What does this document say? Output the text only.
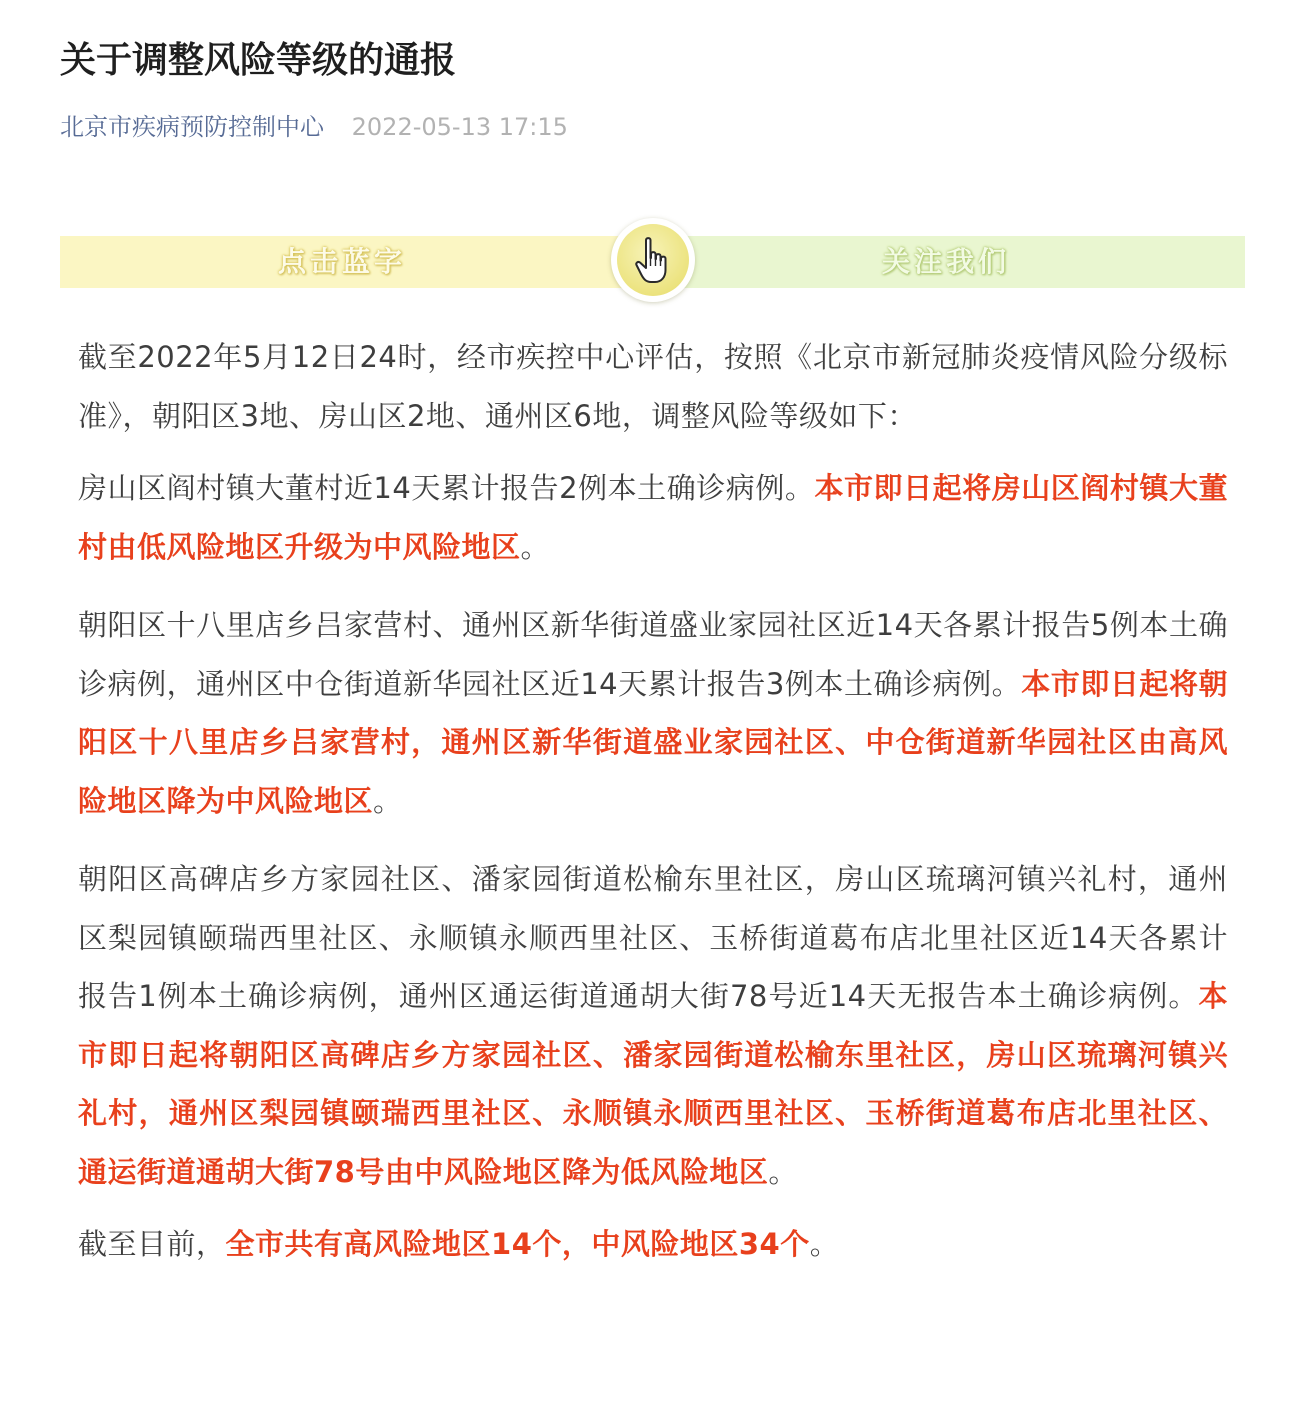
关于调整风险等级的通报
北京市疾病预防控制中心 2022-05-13 17:15
点击蓝字	关注我们

截至2022年5月12日24时，经市疾控中心评估，按照《北京市新冠肺炎疫情风险分级标准》，朝阳区3地、房山区2地、通州区6地，调整风险等级如下：

房山区阎村镇大董村近14天累计报告2例本土确诊病例。本市即日起将房山区阎村镇大董村由低风险地区升级为中风险地区。

朝阳区十八里店乡吕家营村、通州区新华街道盛业家园社区近14天各累计报告5例本土确诊病例，通州区中仓街道新华园社区近14天累计报告3例本土确诊病例。本市即日起将朝阳区十八里店乡吕家营村，通州区新华街道盛业家园社区、中仓街道新华园社区由高风险地区降为中风险地区。

朝阳区高碑店乡方家园社区、潘家园街道松榆东里社区，房山区琉璃河镇兴礼村，通州区梨园镇颐瑞西里社区、永顺镇永顺西里社区、玉桥街道葛布店北里社区近14天各累计报告1例本土确诊病例，通州区通运街道通胡大街78号近14天无报告本土确诊病例。本市即日起将朝阳区高碑店乡方家园社区、潘家园街道松榆东里社区，房山区琉璃河镇兴礼村，通州区梨园镇颐瑞西里社区、永顺镇永顺西里社区、玉桥街道葛布店北里社区、通运街道通胡大街78号由中风险地区降为低风险地区。

截至目前，全市共有高风险地区14个，中风险地区34个。
